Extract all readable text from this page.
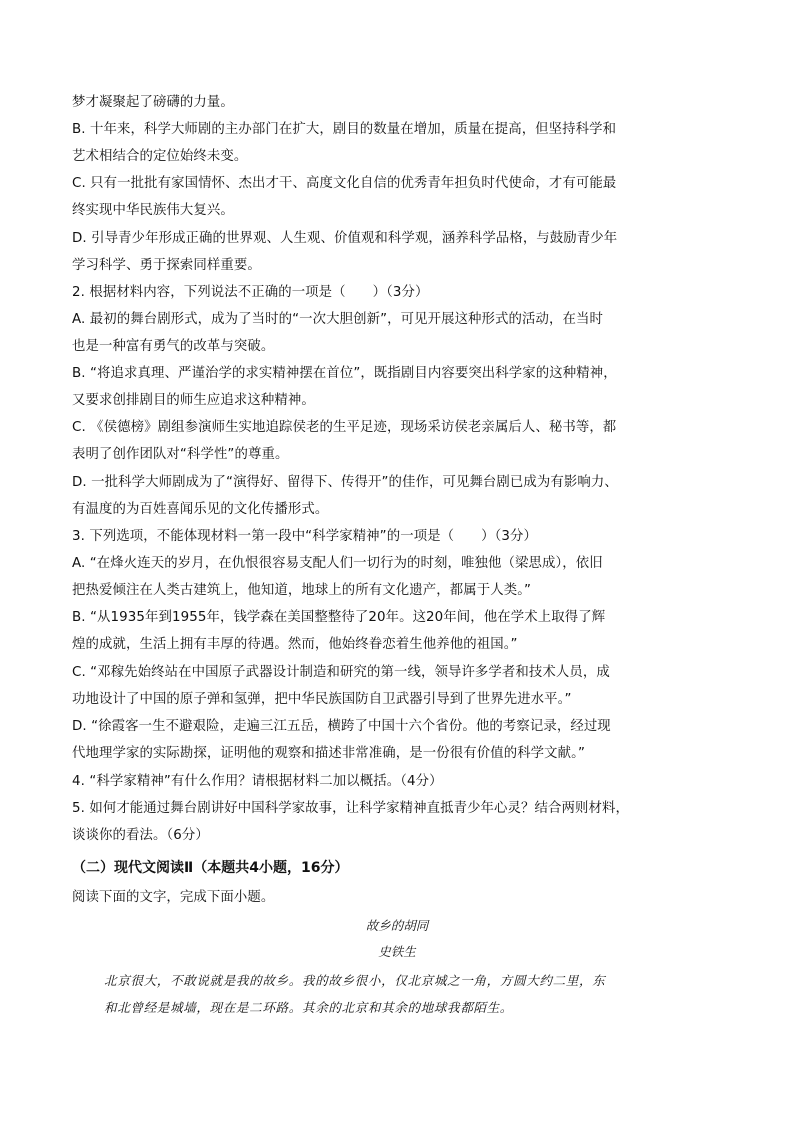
梦才凝聚起了磅礴的力量。
B. 十年来，科学大师剧的主办部门在扩大，剧目的数量在增加，质量在提高，但坚持科学和
艺术相结合的定位始终未变。
C. 只有一批批有家国情怀、杰出才干、高度文化自信的优秀青年担负时代使命，才有可能最
终实现中华民族伟大复兴。
D. 引导青少年形成正确的世界观、人生观、价值观和科学观，涵养科学品格，与鼓励青少年
学习科学、勇于探索同样重要。
2. 根据材料内容，下列说法不正确的一项是（　　）（3分）
A. 最初的舞台剧形式，成为了当时的“一次大胆创新”，可见开展这种形式的活动，在当时
也是一种富有勇气的改革与突破。
B. “将追求真理、严谨治学的求实精神摆在首位”，既指剧目内容要突出科学家的这种精神，
又要求创排剧目的师生应追求这种精神。
C. 《侯德榜》剧组参演师生实地追踪侯老的生平足迹，现场采访侯老亲属后人、秘书等，都
表明了创作团队对“科学性”的尊重。
D. 一批科学大师剧成为了“演得好、留得下、传得开”的佳作，可见舞台剧已成为有影响力、
有温度的为百姓喜闻乐见的文化传播形式。
3. 下列选项，不能体现材料一第一段中“科学家精神”的一项是（　　）（3分）
A. “在烽火连天的岁月，在仇恨很容易支配人们一切行为的时刻，唯独他（梁思成），依旧
把热爱倾注在人类古建筑上，他知道，地球上的所有文化遗产，都属于人类。”
B. “从1935年到1955年，钱学森在美国整整待了20年。这20年间，他在学术上取得了辉
煌的成就，生活上拥有丰厚的待遇。然而，他始终眷恋着生他养他的祖国。”
C. “邓稼先始终站在中国原子武器设计制造和研究的第一线，领导许多学者和技术人员，成
功地设计了中国的原子弹和氢弹，把中华民族国防自卫武器引导到了世界先进水平。”
D. “徐霞客一生不避艰险，走遍三江五岳，横跨了中国十六个省份。他的考察记录，经过现
代地理学家的实际勘探，证明他的观察和描述非常准确，是一份很有价值的科学文献。”
4. “科学家精神”有什么作用？请根据材料二加以概括。（4分）
5. 如何才能通过舞台剧讲好中国科学家故事，让科学家精神直抵青少年心灵？结合两则材料，
谈谈你的看法。（6分）
（二）现代文阅读Ⅱ（本题共4小题，16分）
阅读下面的文字，完成下面小题。
故乡的胡同
史铁生
北京很大，不敢说就是我的故乡。我的故乡很小，仅北京城之一角，方圆大约二里，东
和北曾经是城墙，现在是二环路。其余的北京和其余的地球我都陌生。
